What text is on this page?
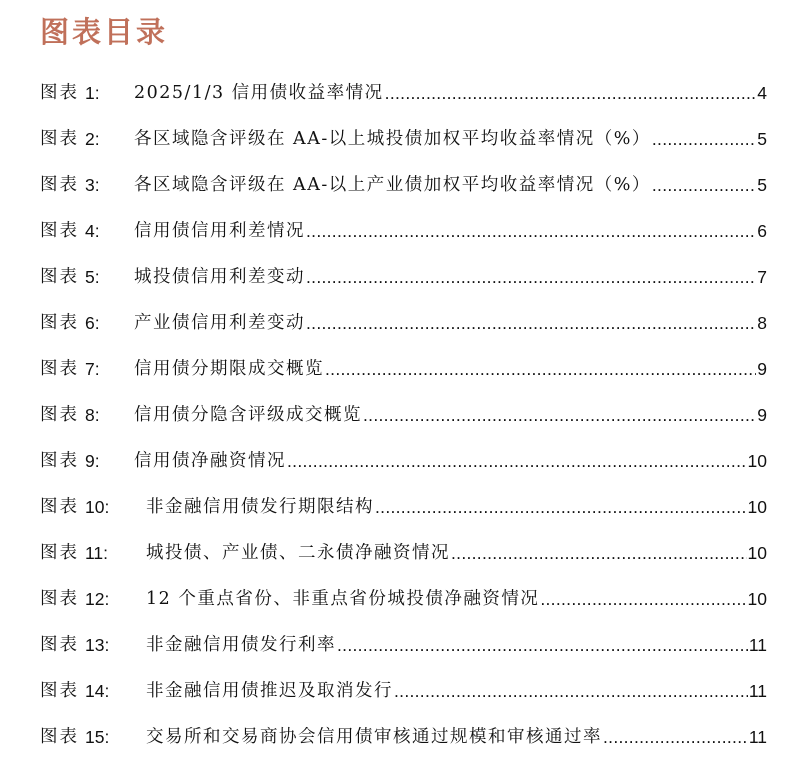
图表目录
图表 1: 2025/1/3 信用债收益率情况 .....	4
图表 2: 各区域隐含评级在 AA-以上城投债加权平均收益率情况（%） .....	5
图表 3: 各区域隐含评级在 AA-以上产业债加权平均收益率情况（%） .....	5
图表 4: 信用债信用利差情况 .....	6
图表 5: 城投债信用利差变动 .....	7
图表 6: 产业债信用利差变动 .....	8
图表 7: 信用债分期限成交概览 .....	9
图表 8: 信用债分隐含评级成交概览 .....	9
图表 9: 信用债净融资情况 .....	10
图表 10: 非金融信用债发行期限结构 .....	10
图表 11: 城投债、产业债、二永债净融资情况 .....	10
图表 12: 12 个重点省份、非重点省份城投债净融资情况 .....	10
图表 13: 非金融信用债发行利率 .....	11
图表 14: 非金融信用债推迟及取消发行 .....	11
图表 15: 交易所和交易商协会信用债审核通过规模和审核通过率 .....	11
